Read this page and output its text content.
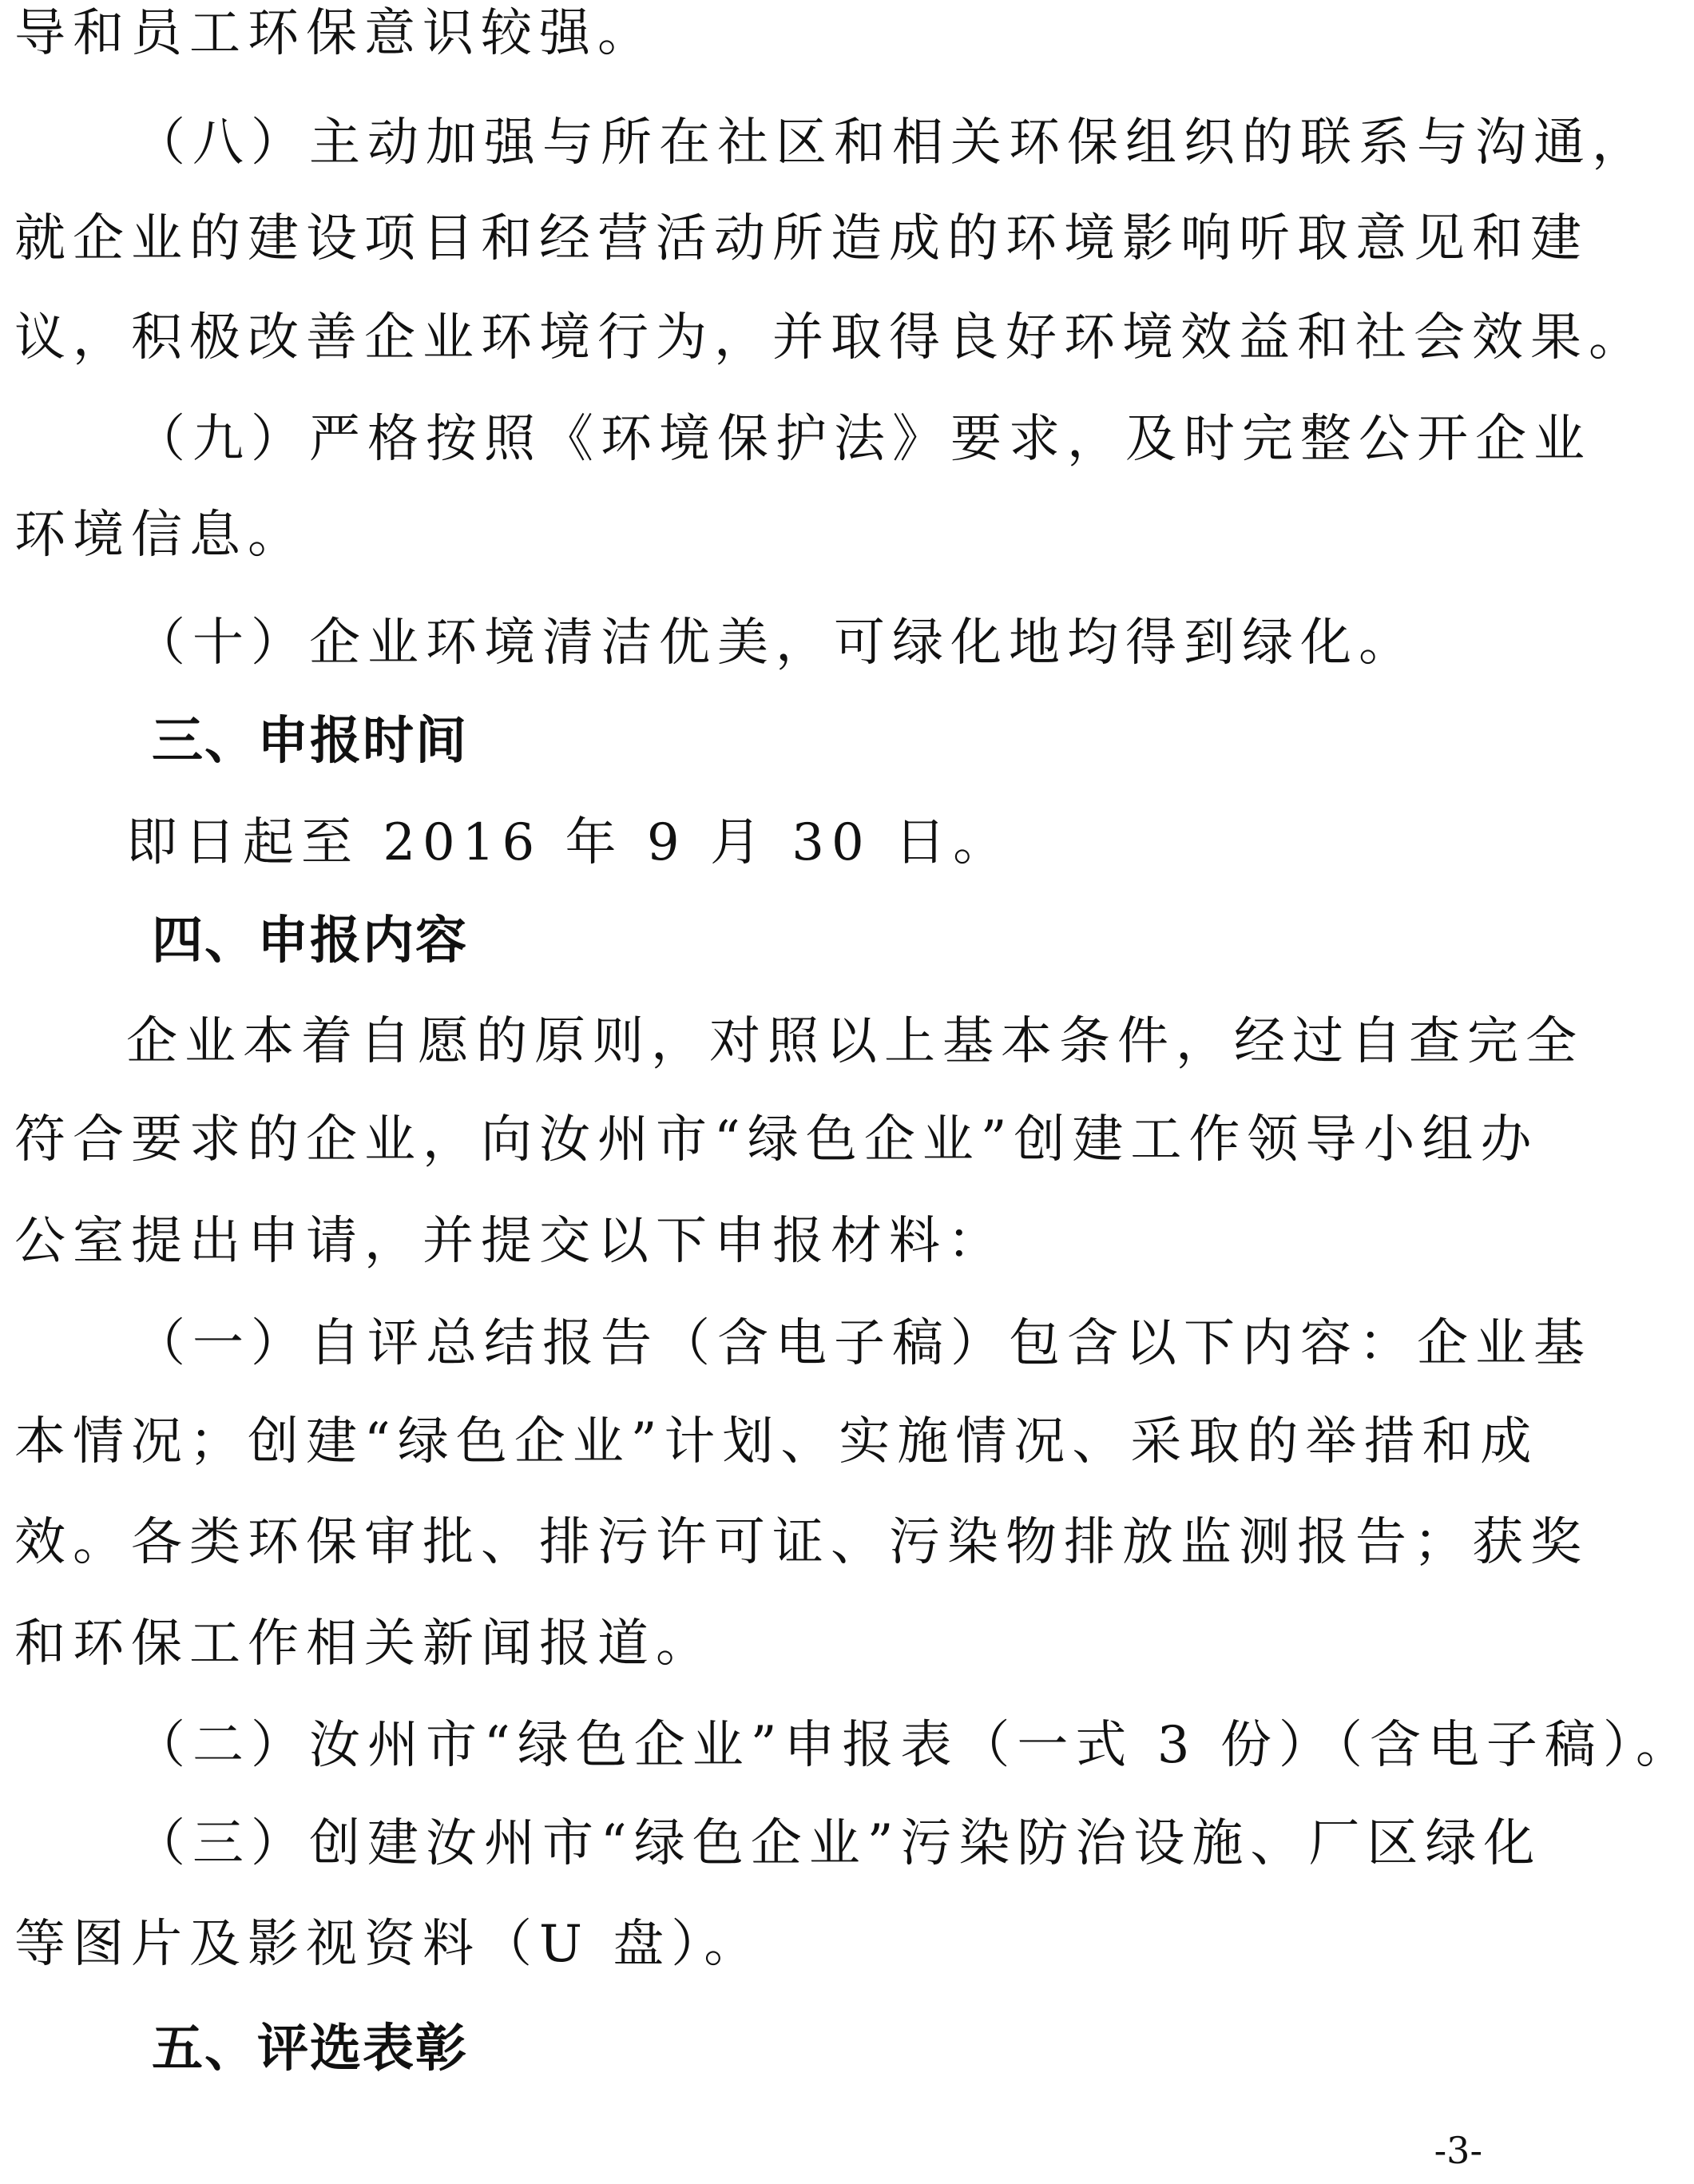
导和员工环保意识较强。
（八）主动加强与所在社区和相关环保组织的联系与沟通，
就企业的建设项目和经营活动所造成的环境影响听取意见和建
议，积极改善企业环境行为，并取得良好环境效益和社会效果。
（九）严格按照《环境保护法》要求，及时完整公开企业
环境信息。
（十）企业环境清洁优美，可绿化地均得到绿化。
三、申报时间
即日起至 2016 年 9 月 30 日。
四、申报内容
企业本着自愿的原则，对照以上基本条件，经过自查完全
符合要求的企业，向汝州市“绿色企业”创建工作领导小组办
公室提出申请，并提交以下申报材料：
（一）自评总结报告（含电子稿）包含以下内容：企业基
本情况；创建“绿色企业”计划、实施情况、采取的举措和成
效。各类环保审批、排污许可证、污染物排放监测报告；获奖
和环保工作相关新闻报道。
（二）汝州市“绿色企业”申报表（一式 3 份）（含电子稿）。
（三）创建汝州市“绿色企业”污染防治设施、厂区绿化
等图片及影视资料（U 盘）。
五、评选表彰
-3-
